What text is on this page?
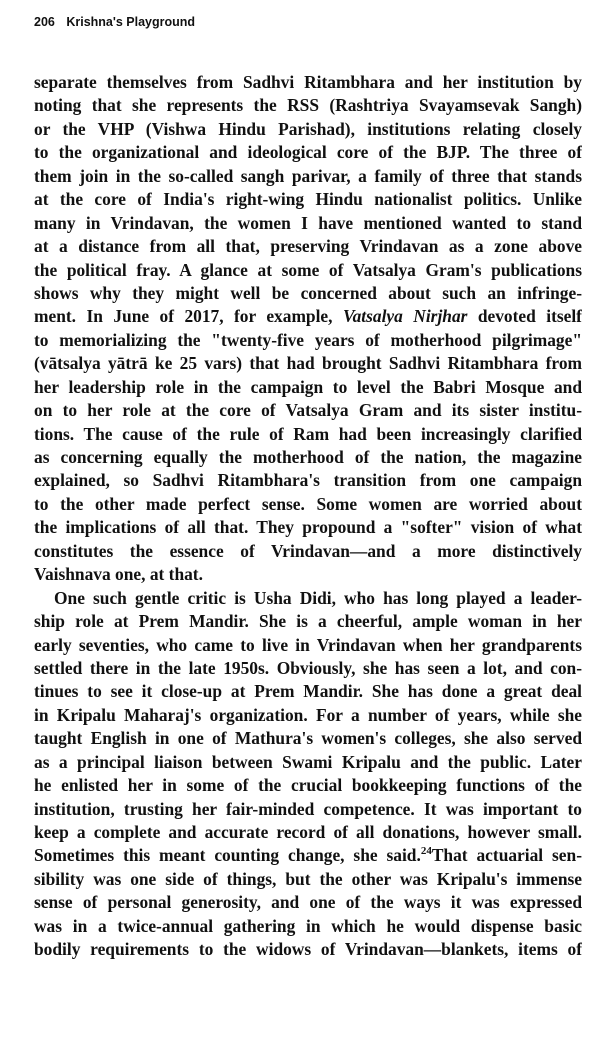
206 Krishna's Playground
separate themselves from Sadhvi Ritambhara and her institution by
noting that she represents the RSS (Rashtriya Svayamsevak Sangh)
or the VHP (Vishwa Hindu Parishad), institutions relating closely
to the organizational and ideological core of the BJP. The three of
them join in the so-called sangh parivar, a family of three that stands
at the core of India's right-wing Hindu nationalist politics. Unlike
many in Vrindavan, the women I have mentioned wanted to stand
at a distance from all that, preserving Vrindavan as a zone above
the political fray. A glance at some of Vatsalya Gram's publications
shows why they might well be concerned about such an infringe-
ment. In June of 2017, for example, Vatsalya Nirjhar devoted itself
to memorializing the "twenty-five years of motherhood pilgrimage"
(vātsalya yātrā ke 25 vars) that had brought Sadhvi Ritambhara from
her leadership role in the campaign to level the Babri Mosque and
on to her role at the core of Vatsalya Gram and its sister institu-
tions. The cause of the rule of Ram had been increasingly clarified
as concerning equally the motherhood of the nation, the magazine
explained, so Sadhvi Ritambhara's transition from one campaign
to the other made perfect sense. Some women are worried about
the implications of all that. They propound a "softer" vision of what
constitutes the essence of Vrindavan—and a more distinctively
Vaishnava one, at that.
One such gentle critic is Usha Didi, who has long played a leader-
ship role at Prem Mandir. She is a cheerful, ample woman in her
early seventies, who came to live in Vrindavan when her grandparents
settled there in the late 1950s. Obviously, she has seen a lot, and con-
tinues to see it close-up at Prem Mandir. She has done a great deal
in Kripalu Maharaj's organization. For a number of years, while she
taught English in one of Mathura's women's colleges, she also served
as a principal liaison between Swami Kripalu and the public. Later
he enlisted her in some of the crucial bookkeeping functions of the
institution, trusting her fair-minded competence. It was important to
keep a complete and accurate record of all donations, however small.
Sometimes this meant counting change, she said.$^{24}$That actuarial sen-
sibility was one side of things, but the other was Kripalu's immense
sense of personal generosity, and one of the ways it was expressed
was in a twice-annual gathering in which he would dispense basic
bodily requirements to the widows of Vrindavan—blankets, items of
